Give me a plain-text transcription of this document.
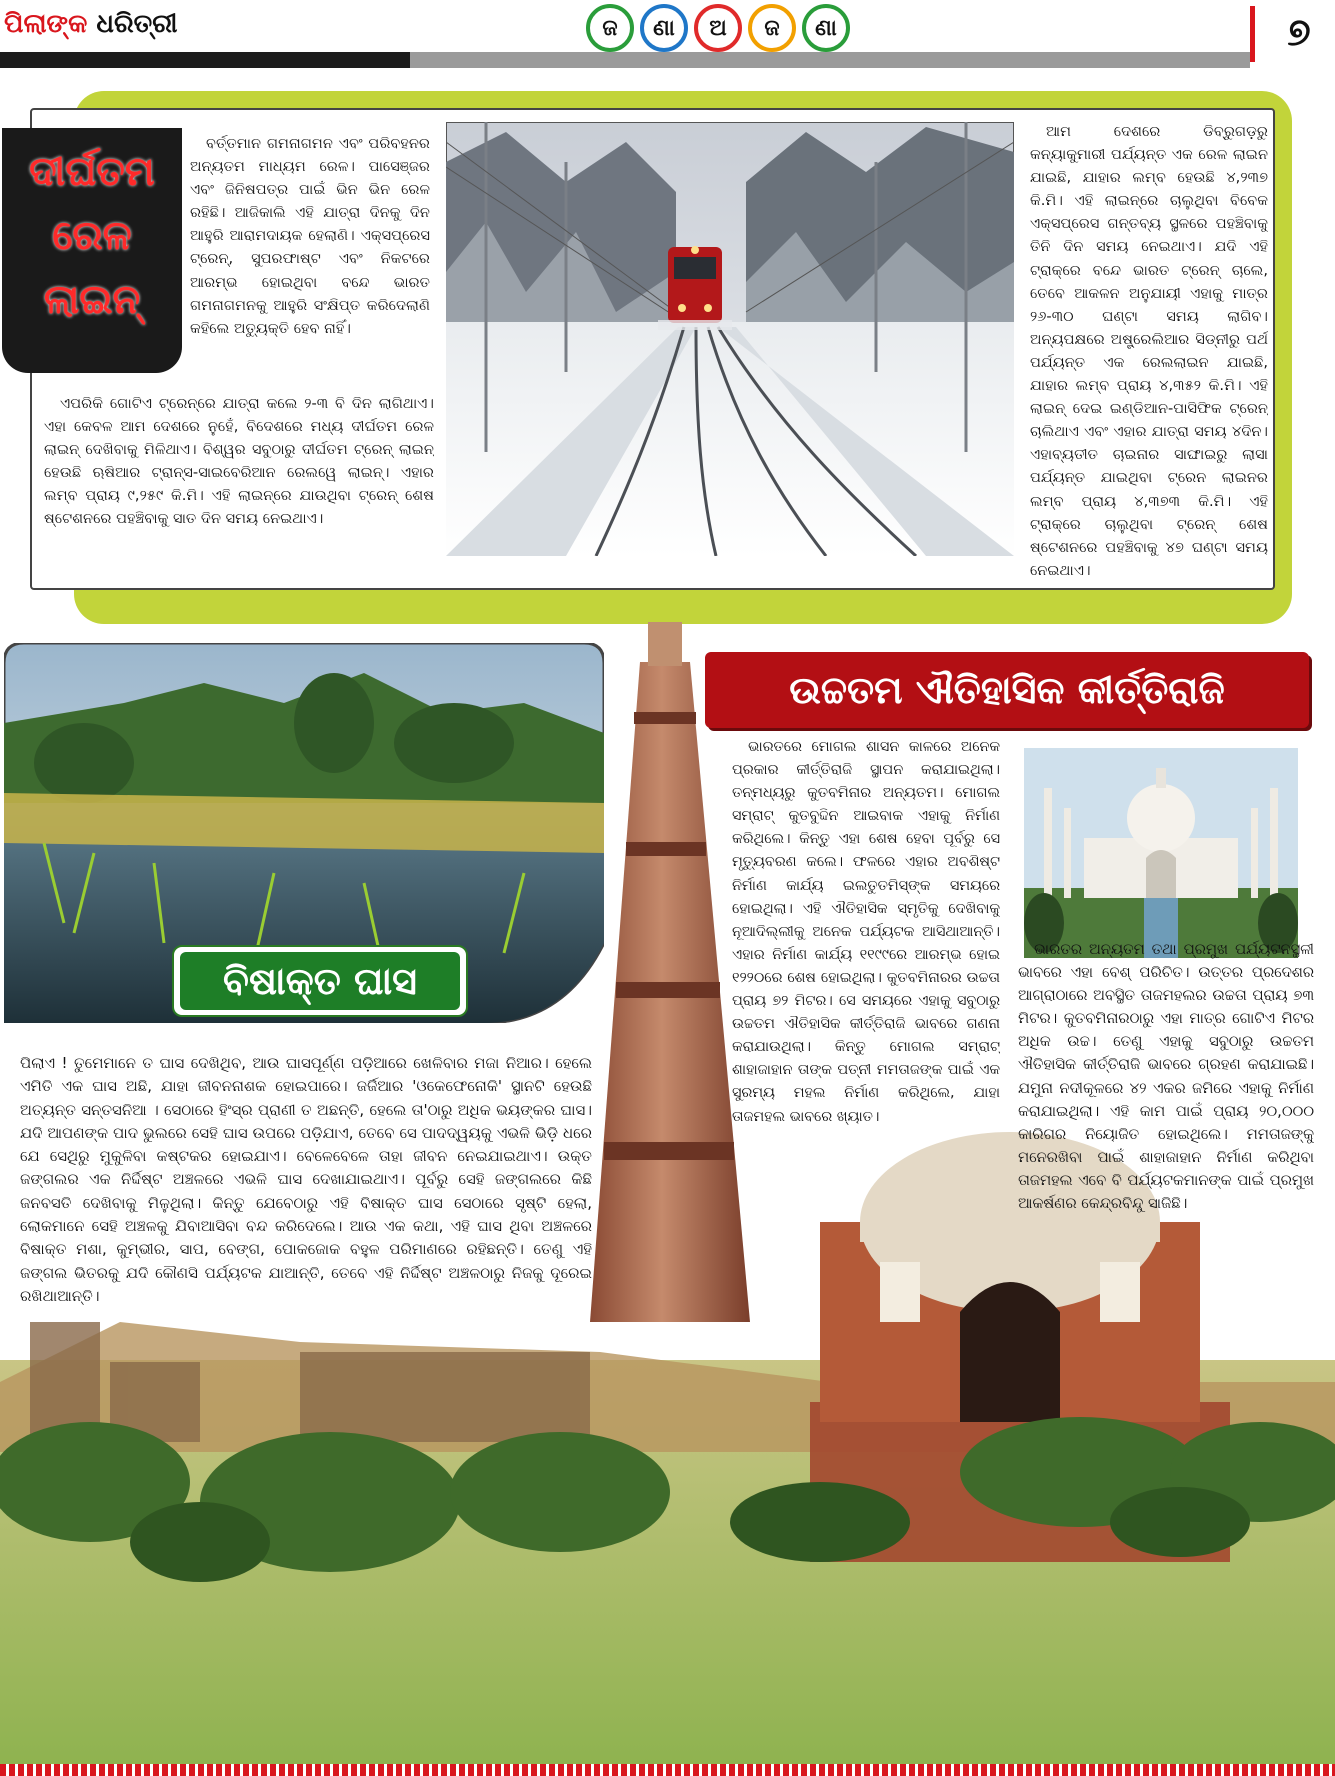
ପିଲାଙ୍କ ଧରିତ୍ରୀ	ଜ	ଣା	ଅ	ଜ	ଣା	୭
ଦୀର୍ଘତମ
ରେଳ
ଲାଇନ୍

ବର୍ତ୍ତମାନ ଗମନାଗମନ ଏବଂ ପରିବହନର ଅନ୍ୟତମ ମାଧ୍ୟମ ରେଳ। ପାସେଞ୍ଜର ଏବଂ ଜିନିଷପତ୍ର ପାଇଁ ଭିନ ଭିନ ରେଳ ରହିଛି। ଆଜିକାଲି ଏହି ଯାତ୍ରା ଦିନକୁ ଦିନ ଆହୁରି ଆରାମଦାୟକ ହେଲାଣି। ଏକ୍ସପ୍ରେସ ଟ୍ରେନ୍‌, ସୁପରଫାଷ୍ଟ ଏବଂ ନିକଟରେ ଆରମ୍ଭ ହୋଇଥିବା ବନ୍ଦେ ଭାରତ ଗମନାଗମନକୁ ଆହୁରି ସଂକ୍ଷିପ୍ତ କରିଦେଲାଣି କହିଲେ ଅତ୍ୟୁକ୍ତି ହେବ ନାହିଁ।

ଏପରିକି ଗୋଟିଏ ଟ୍ରେନ୍‌ରେ ଯାତ୍ରା କଲେ ୨-୩ ବି ଦିନ ଲାଗିଥାଏ। ଏହା କେବଳ ଆମ ଦେଶରେ ନୁହେଁ, ବିଦେଶରେ ମଧ୍ୟ ଦୀର୍ଘତମ ରେଳ ଲାଇନ୍ ଦେଖିବାକୁ ମିଳିଥାଏ। ବିଶ୍ୱର ସବୁଠାରୁ ଦୀର୍ଘତମ ଟ୍ରେନ୍ ଲାଇନ୍ ହେଉଛି ଋଷିଆର ଟ୍ରାନ୍ସ-ସାଇବେରିଆନ ରେଲୱେ ଲାଇନ୍। ଏହାର ଲମ୍ବ ପ୍ରାୟ ୯,୨୫୯ କି.ମି। ଏହି ଲାଇନ୍‌ରେ ଯାଉଥିବା ଟ୍ରେନ୍ ଶେଷ ଷ୍ଟେଶନରେ ପହଞ୍ଚିବାକୁ ସାତ ଦିନ ସମୟ ନେଇଥାଏ।

ଆମ ଦେଶରେ ଡିବ୍ରୁଗଡ଼ରୁ କନ୍ୟାକୁମାରୀ ପର୍ଯ୍ୟନ୍ତ ଏକ ରେଳ ଲାଇନ ଯାଇଛି, ଯାହାର ଲମ୍ବ ହେଉଛି ୪,୨୩୭ କି.ମି। ଏହି ଲାଇନ୍‌ରେ ଚାଲୁଥିବା ବିବେକ ଏକ୍ସପ୍ରେସ ଗନ୍ତବ୍ୟ ସ୍ଥଳରେ ପହଞ୍ଚିବାକୁ ତିନି ଦିନ ସମୟ ନେଇଥାଏ। ଯଦି ଏହି ଟ୍ରାକ୍‌ରେ ବନ୍ଦେ ଭାରତ ଟ୍ରେନ୍ ଚାଲେ, ତେବେ ଆକଳନ ଅନୁଯାୟୀ ଏହାକୁ ମାତ୍ର ୨୬-୩୦ ଘଣ୍ଟା ସମୟ ଲାଗିବ। ଅନ୍ୟପକ୍ଷରେ ଅଷ୍ଟ୍ରେଲିଆର ସିଡ୍‌ନୀରୁ ପର୍ଥ ପର୍ଯ୍ୟନ୍ତ ଏକ ରେଲଲାଇନ ଯାଇଛି, ଯାହାର ଲମ୍ବ ପ୍ରାୟ ୪,୩୫୨ କି.ମି। ଏହି ଲାଇନ୍ ଦେଇ ଇଣ୍ଡିଆନ-ପାସିଫିକ ଟ୍ରେନ୍ ଚାଲିଥାଏ ଏବଂ ଏହାର ଯାତ୍ରା ସମୟ ୪ଦିନ। ଏହାବ୍ୟତୀତ ଚାଇନାର ସାଙ୍ଘାଇରୁ ଲାସା ପର୍ଯ୍ୟନ୍ତ ଯାଇଥିବା ଟ୍ରେନ ଲାଇନର ଲମ୍ବ ପ୍ରାୟ ୪,୩୭୩ କି.ମି। ଏହି ଟ୍ରାକ୍‌ରେ ଚାଲୁଥିବା ଟ୍ରେନ୍ ଶେଷ ଷ୍ଟେଶନରେ ପହଞ୍ଚିବାକୁ ୪୭ ଘଣ୍ଟା ସମୟ ନେଇଥାଏ।

ବିଷାକ୍ତ ଘାସ

ପିଲାଏ ! ତୁମେମାନେ ତ ଘାସ ଦେଖିଥିବ, ଆଉ ଘାସପୂର୍ଣ୍ଣ ପଡ଼ିଆରେ ଖେଳିବାର ମଜା ନିଆର। ହେଲେ ଏମିତି ଏକ ଘାସ ଅଛି, ଯାହା ଜୀବନନାଶକ ହୋଇପାରେ। ଜର୍ଜିଆର 'ଓକେଫେନୋକି' ସ୍ଥାନଟି ହେଉଛି ଅତ୍ୟନ୍ତ ସନ୍ତସନିଆ । ସେଠାରେ ହିଂସ୍ର ପ୍ରାଣୀ ତ ଅଛନ୍ତି, ହେଲେ ତା'ଠାରୁ ଅଧିକ ଭୟଙ୍କର ଘାସ। ଯଦି ଆପଣଙ୍କ ପାଦ ଭୁଲରେ ସେହି ଘାସ ଉପରେ ପଡ଼ିଯାଏ, ତେବେ ସେ ପାଦଦ୍ୱୟକୁ ଏଭଳି ଭିଡ଼ି ଧରେ ଯେ ସେଥିରୁ ମୁକୁଳିବା କଷ୍ଟକର ହୋଇଯାଏ। ବେଳେବେଳେ ତାହା ଜୀବନ ନେଇଯାଇଥାଏ। ଉକ୍ତ ଜଙ୍ଗଲର ଏକ ନିର୍ଦ୍ଦିଷ୍ଟ ଅଞ୍ଚଳରେ ଏଭଳି ଘାସ ଦେଖାଯାଇଥାଏ। ପୂର୍ବରୁ ସେହି ଜଙ୍ଗଲରେ କିଛି ଜନବସତି ଦେଖିବାକୁ ମିଳୁଥିଲା। କିନ୍ତୁ ଯେବେଠାରୁ ଏହି ବିଷାକ୍ତ ଘାସ ସେଠାରେ ସୃଷ୍ଟି ହେଲା, ଲୋକମାନେ ସେହି ଅଞ୍ଚଳକୁ ଯିବାଆସିବା ବନ୍ଦ କରିଦେଲେ। ଆଉ ଏକ କଥା, ଏହି ଘାସ ଥିବା ଅଞ୍ଚଳରେ ବିଷାକ୍ତ ମଶା, କୁମ୍ଭୀର, ସାପ, ବେଙ୍ଗ, ପୋକଜୋକ ବହୁଳ ପରିମାଣରେ ରହିଛନ୍ତି। ତେଣୁ ଏହି ଜଙ୍ଗଲ ଭିତରକୁ ଯଦି କୌଣସି ପର୍ଯ୍ୟଟକ ଯାଆନ୍ତି, ତେବେ ଏହି ନିର୍ଦ୍ଦିଷ୍ଟ ଅଞ୍ଚଳଠାରୁ ନିଜକୁ ଦୂରେଇ ରଖିଥାଆନ୍ତି।

ଉଚ୍ଚତମ ଐତିହାସିକ କୀର୍ତ୍ତିରାଜି

ଭାରତରେ ମୋଗଲ ଶାସନ କାଳରେ ଅନେକ ପ୍ରକାର କୀର୍ତ୍ତିରାଜି ସ୍ଥାପନ କରାଯାଇଥିଲା। ତନ୍ମଧ୍ୟରୁ କୁତବମିନାର ଅନ୍ୟତମ। ମୋଗଲ ସମ୍ରାଟ୍ କୁତବୁଦ୍ଦିନ ଆଇବାକ ଏହାକୁ ନିର୍ମାଣ କରିଥିଲେ। କିନ୍ତୁ ଏହା ଶେଷ ହେବା ପୂର୍ବରୁ ସେ ମୃତ୍ୟୁବରଣ କଲେ। ଫଳରେ ଏହାର ଅବଶିଷ୍ଟ ନିର୍ମାଣ କାର୍ଯ୍ୟ ଇଲତୁତମିସ୍‌ଙ୍କ ସମୟରେ ହୋଇଥିଲା। ଏହି ଐତିହାସିକ ସ୍ମୃତିକୁ ଦେଖିବାକୁ ନୂଆଦିଲ୍ଲୀକୁ ଅନେକ ପର୍ଯ୍ୟଟକ ଆସିଥାଆନ୍ତି। ଏହାର ନିର୍ମାଣ କାର୍ଯ୍ୟ ୧୧୯୯ରେ ଆରମ୍ଭ ହୋଇ ୧୨୨୦ରେ ଶେଷ ହୋଇଥିଲା। କୁତବମିନାରର ଉଚ୍ଚତା ପ୍ରାୟ ୭୨ ମିଟର। ସେ ସମୟରେ ଏହାକୁ ସବୁଠାରୁ ଉଚ୍ଚତମ ଐତିହାସିକ କୀର୍ତ୍ତିରାଜି ଭାବରେ ଗଣନା କରାଯାଉଥିଲା। କିନ୍ତୁ ମୋଗଲ ସମ୍ରାଟ୍ ଶାହାଜାହାନ ତାଙ୍କ ପତ୍ନୀ ମମତାଜଙ୍କ ପାଇଁ ଏକ ସୁରମ୍ୟ ମହଲ ନିର୍ମାଣ କରିଥିଲେ, ଯାହା ତାଜମହଲ ଭାବରେ ଖ୍ୟାତ।

ଭାରତର ଅନ୍ୟତମ ତଥା ପ୍ରମୁଖ ପର୍ଯ୍ୟଟନସ୍ଥଳୀ ଭାବରେ ଏହା ବେଶ୍ ପରିଚିତ। ଉତ୍ତର ପ୍ରଦେଶର ଆଗ୍ରାଠାରେ ଅବସ୍ଥିତ ତାଜମହଲର ଉଚ୍ଚତା ପ୍ରାୟ ୭୩ ମିଟର। କୁତବମିନାରଠାରୁ ଏହା ମାତ୍ର ଗୋଟିଏ ମିଟର ଅଧିକ ଉଚ୍ଚ। ତେଣୁ ଏହାକୁ ସବୁଠାରୁ ଉଚ୍ଚତମ ଐତିହାସିକ କୀର୍ତ୍ତିରାଜି ଭାବରେ ଗ୍ରହଣ କରାଯାଇଛି। ଯମୁନା ନଦୀକୂଳରେ ୪୨ ଏକର ଜମିରେ ଏହାକୁ ନିର୍ମାଣ କରାଯାଇଥିଲା। ଏହି କାମ ପାଇଁ ପ୍ରାୟ ୨୦,୦୦୦ କାରିଗର ନିୟୋଜିତ ହୋଇଥିଲେ। ମମତାଜଙ୍କୁ ମନେରଖିବା ପାଇଁ ଶାହାଜାହାନ ନିର୍ମାଣ କରିଥିବା ତାଜମହଲ ଏବେ ବି ପର୍ଯ୍ୟଟକମାନଙ୍କ ପାଇଁ ପ୍ରମୁଖ ଆକର୍ଷଣର କେନ୍ଦ୍ରବିନ୍ଦୁ ସାଜିଛି।
